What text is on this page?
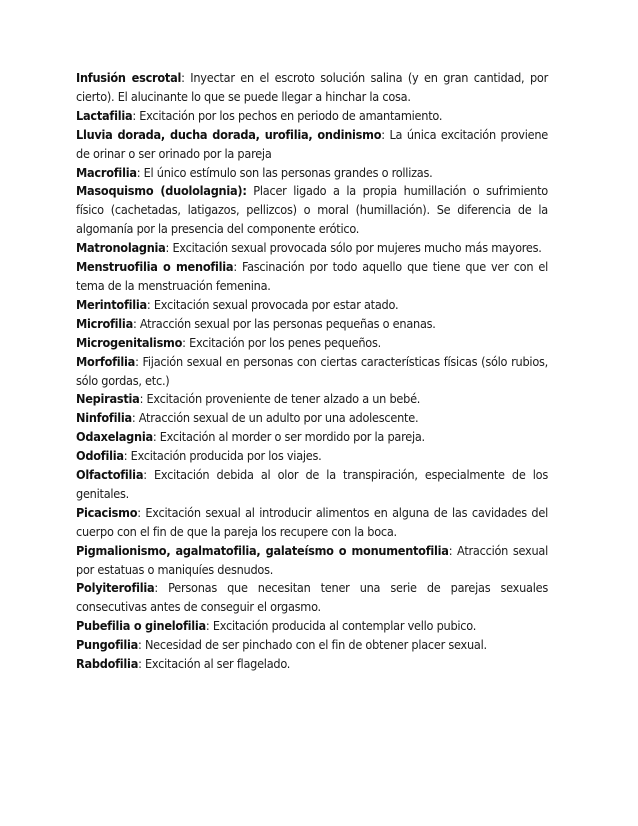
Infusión escrotal: Inyectar en el escroto solución salina (y en gran cantidad, por cierto). El alucinante lo que se puede llegar a hinchar la cosa.

Lactafilia: Excitación por los pechos en periodo de amantamiento.

Lluvia dorada, ducha dorada, urofilia, ondinismo: La única excitación proviene de orinar o ser orinado por la pareja

Macrofilia: El único estímulo son las personas grandes o rollizas.

Masoquismo (duololagnia): Placer ligado a la propia humillación o sufrimiento físico (cachetadas, latigazos, pellizcos) o moral (humillación). Se diferencia de la algomanía por la presencia del componente erótico.

Matronolagnia: Excitación sexual provocada sólo por mujeres mucho más mayores.

Menstruofilia o menofilia: Fascinación por todo aquello que tiene que ver con el tema de la menstruación femenina.

Merintofilia: Excitación sexual provocada por estar atado.

Microfilia: Atracción sexual por las personas pequeñas o enanas.

Microgenitalismo: Excitación por los penes pequeños.

Morfofilia: Fijación sexual en personas con ciertas características físicas (sólo rubios, sólo gordas, etc.)

Nepirastia: Excitación proveniente de tener alzado a un bebé.

Ninfofilia: Atracción sexual de un adulto por una adolescente.

Odaxelagnia: Excitación al morder o ser mordido por la pareja.

Odofilia: Excitación producida por los viajes.

Olfactofilia: Excitación debida al olor de la transpiración, especialmente de los genitales.

Picacismo: Excitación sexual al introducir alimentos en alguna de las cavidades del cuerpo con el fin de que la pareja los recupere con la boca.

Pigmalionismo, agalmatofilia, galateísmo o monumentofilia: Atracción sexual por estatuas o maniquíes desnudos.

Polyiterofilia: Personas que necesitan tener una serie de parejas sexuales consecutivas antes de conseguir el orgasmo.

Pubefilia o ginelofilia: Excitación producida al contemplar vello pubico.

Pungofilia: Necesidad de ser pinchado con el fin de obtener placer sexual.

Rabdofilia: Excitación al ser flagelado.
